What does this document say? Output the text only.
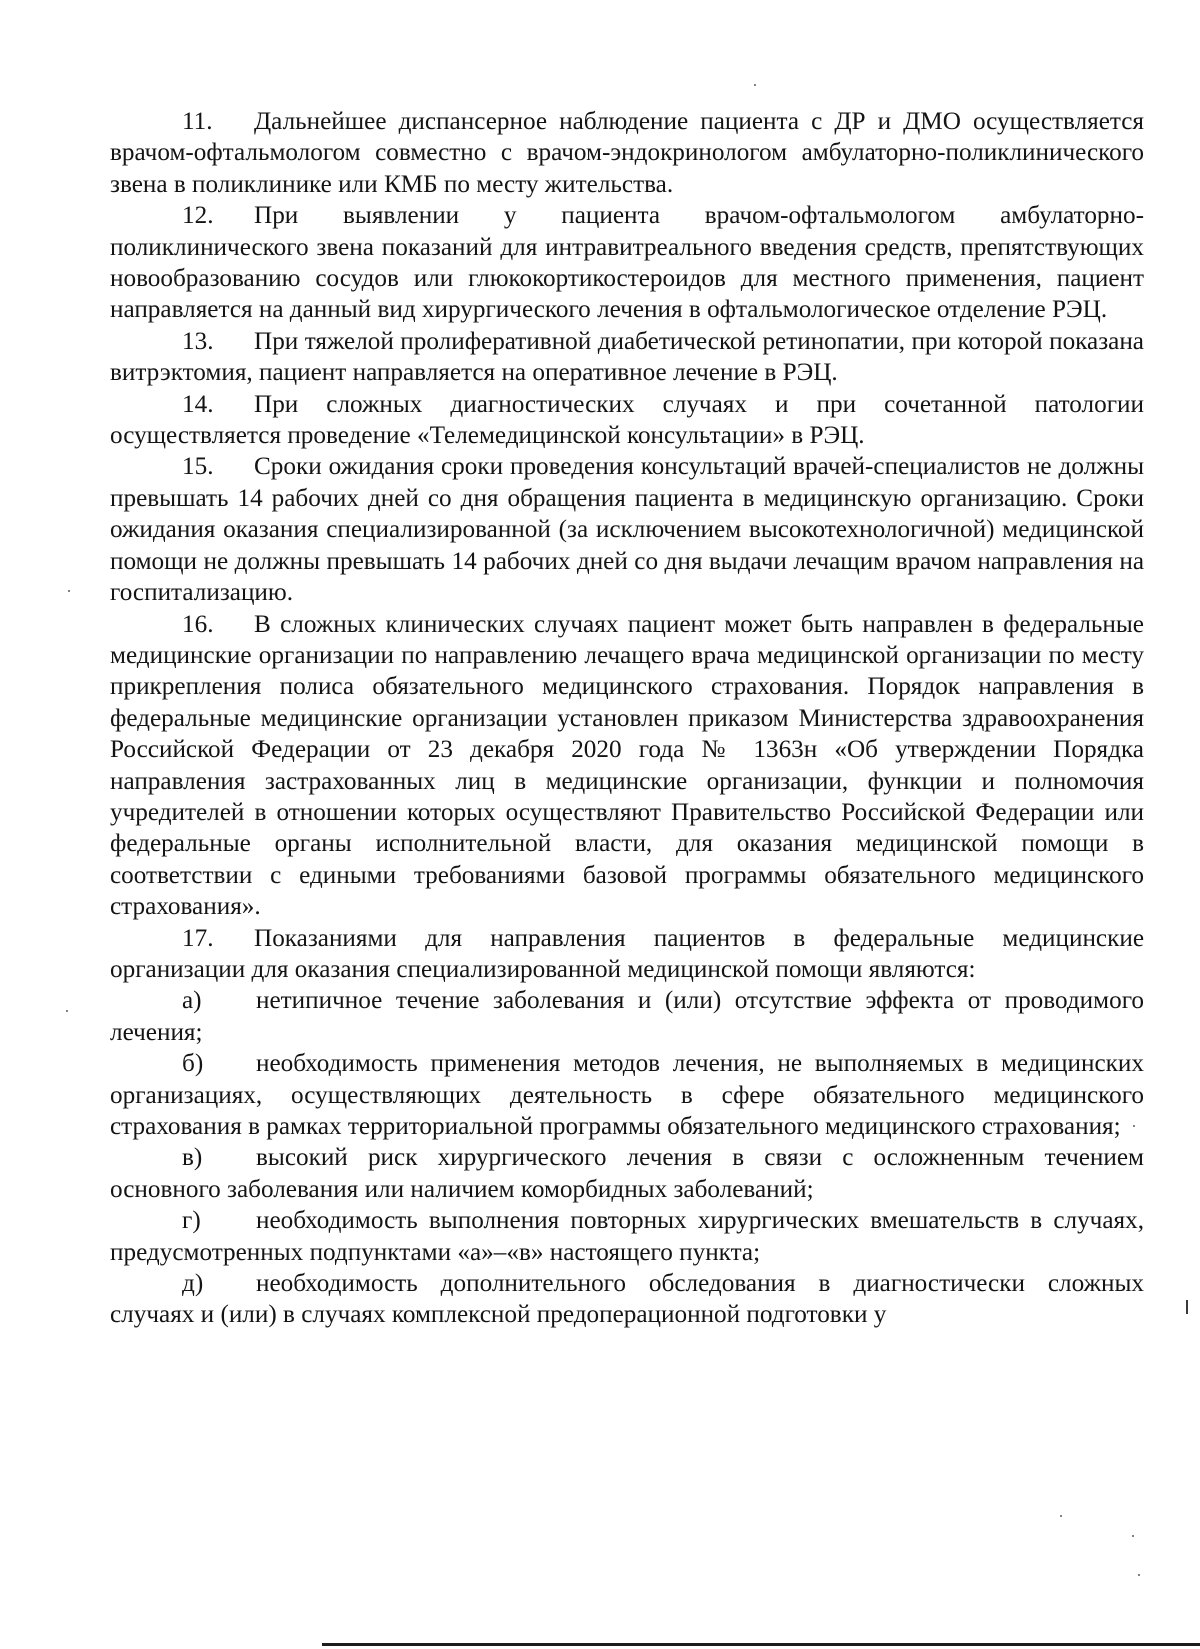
11. Дальнейшее диспансерное наблюдение пациента с ДР и ДМО осуществляется врачом-офтальмологом совместно с врачом-эндокринологом амбулаторно-поликлинического звена в поликлинике или КМБ по месту жительства.

12. При выявлении у пациента врачом-офтальмологом амбулаторно-поликлинического звена показаний для интравитреального введения средств, препятствующих новообразованию сосудов или глюкокортикостероидов для местного применения, пациент направляется на данный вид хирургического лечения в офтальмологическое отделение РЭЦ.

13. При тяжелой пролиферативной диабетической ретинопатии, при которой показана витрэктомия, пациент направляется на оперативное лечение в РЭЦ.

14. При сложных диагностических случаях и при сочетанной патологии осуществляется проведение «Телемедицинской консультации» в РЭЦ.

15. Сроки ожидания сроки проведения консультаций врачей-специалистов не должны превышать 14 рабочих дней со дня обращения пациента в медицинскую организацию. Сроки ожидания оказания специализированной (за исключением высокотехнологичной) медицинской помощи не должны превышать 14 рабочих дней со дня выдачи лечащим врачом направления на госпитализацию.

16. В сложных клинических случаях пациент может быть направлен в федеральные медицинские организации по направлению лечащего врача медицинской организации по месту прикрепления полиса обязательного медицинского страхования. Порядок направления в федеральные медицинские организации установлен приказом Министерства здравоохранения Российской Федерации от 23 декабря 2020 года № 1363н «Об утверждении Порядка направления застрахованных лиц в медицинские организации, функции и полномочия учредителей в отношении которых осуществляют Правительство Российской Федерации или федеральные органы исполнительной власти, для оказания медицинской помощи в соответствии с едиными требованиями базовой программы обязательного медицинского страхования».

17. Показаниями для направления пациентов в федеральные медицинские организации для оказания специализированной медицинской помощи являются:

а) нетипичное течение заболевания и (или) отсутствие эффекта от проводимого лечения;

б) необходимость применения методов лечения, не выполняемых в медицинских организациях, осуществляющих деятельность в сфере обязательного медицинского страхования в рамках территориальной программы обязательного медицинского страхования;

в) высокий риск хирургического лечения в связи с осложненным течением основного заболевания или наличием коморбидных заболеваний;

г) необходимость выполнения повторных хирургических вмешательств в случаях, предусмотренных подпунктами «а»–«в» настоящего пункта;

д) необходимость дополнительного обследования в диагностически сложных случаях и (или) в случаях комплексной предоперационной подготовки у
